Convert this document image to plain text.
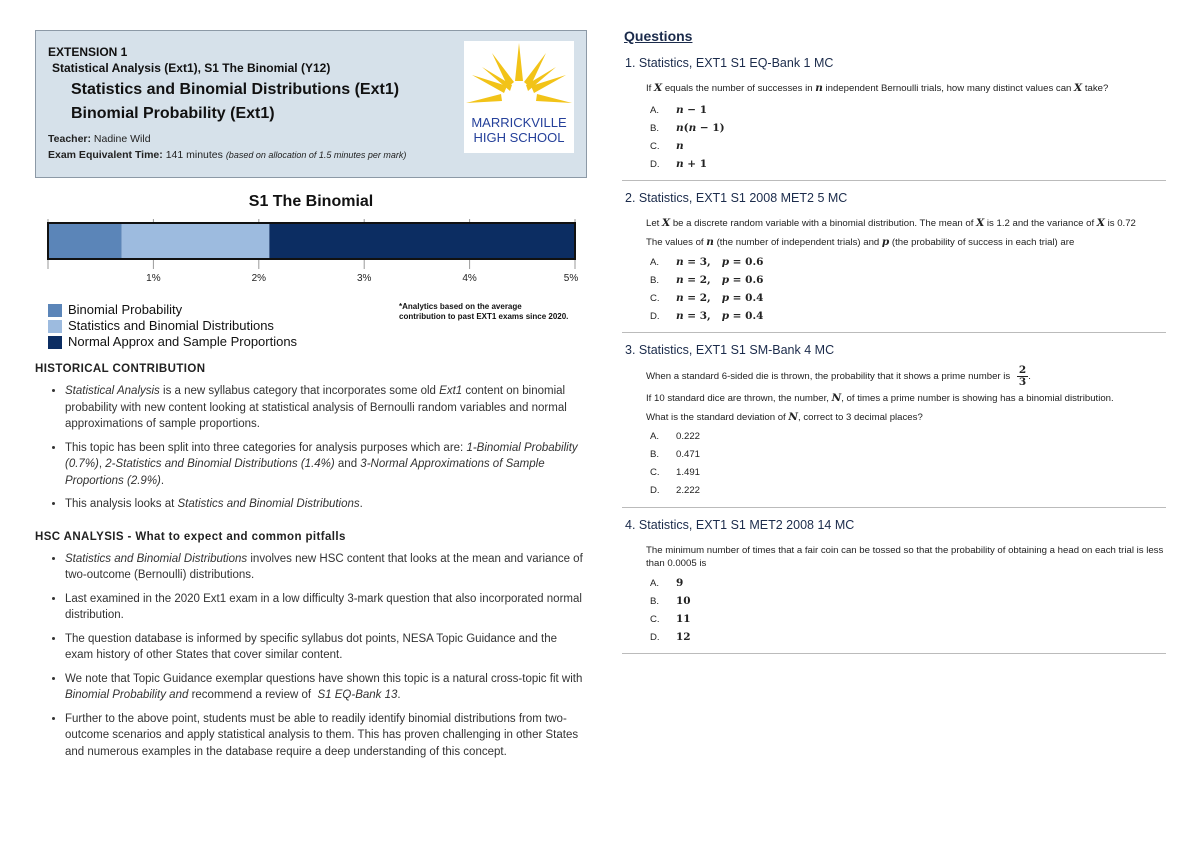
EXTENSION 1
Statistical Analysis (Ext1), S1 The Binomial (Y12)
Statistics and Binomial Distributions (Ext1)
Binomial Probability (Ext1)
Teacher: Nadine Wild
Exam Equivalent Time: 141 minutes (based on allocation of 1.5 minutes per mark)
MARRICKVILLE
HIGH SCHOOL
S1 The Binomial
1%	2%	3%	4%	5%
Binomial Probability
Statistics and Binomial Distributions
Normal Approx and Sample Proportions
*Analytics based on the average contribution to past EXT1 exams since 2020.
HISTORICAL CONTRIBUTION
• Statistical Analysis is a new syllabus category that incorporates some old Ext1 content on binomial probability with new content looking at statistical analysis of Bernoulli random variables and normal approximations of sample proportions.
• This topic has been split into three categories for analysis purposes which are: 1-Binomial Probability (0.7%), 2-Statistics and Binomial Distributions (1.4%) and 3-Normal Approximations of Sample Proportions (2.9%).
• This analysis looks at Statistics and Binomial Distributions.
HSC ANALYSIS - What to expect and common pitfalls
• Statistics and Binomial Distributions involves new HSC content that looks at the mean and variance of two-outcome (Bernoulli) distributions.
• Last examined in the 2020 Ext1 exam in a low difficulty 3-mark question that also incorporated normal distribution.
• The question database is informed by specific syllabus dot points, NESA Topic Guidance and the exam history of other States that cover similar content.
• We note that Topic Guidance exemplar questions have shown this topic is a natural cross-topic fit with Binomial Probability and recommend a review of  S1 EQ-Bank 13.
• Further to the above point, students must be able to readily identify binomial distributions from two-outcome scenarios and apply statistical analysis to them. This has proven challenging in other States and numerous examples in the database require a deep understanding of this concept.
Questions
1. Statistics, EXT1 S1 EQ-Bank 1 MC
If X equals the number of successes in n independent Bernoulli trials, how many distinct values can X take?
A. n − 1
B. n(n − 1)
C. n
D. n + 1
2. Statistics, EXT1 S1 2008 MET2 5 MC
Let X be a discrete random variable with a binomial distribution. The mean of X is 1.2 and the variance of X is 0.72
The values of n (the number of independent trials) and p (the probability of success in each trial) are
A. n = 3,   p = 0.6
B. n = 2,   p = 0.6
C. n = 2,   p = 0.4
D. n = 3,   p = 0.4
3. Statistics, EXT1 S1 SM-Bank 4 MC
When a standard 6-sided die is thrown, the probability that it shows a prime number is $\frac{2}{3}$ .
If 10 standard dice are thrown, the number, N, of times a prime number is showing has a binomial distribution.
What is the standard deviation of N, correct to 3 decimal places?
A. 0.222
B. 0.471
C. 1.491
D. 2.222
4. Statistics, EXT1 S1 MET2 2008 14 MC
The minimum number of times that a fair coin can be tossed so that the probability of obtaining a head on each trial is less than 0.0005 is
A. 9
B. 10
C. 11
D. 12
